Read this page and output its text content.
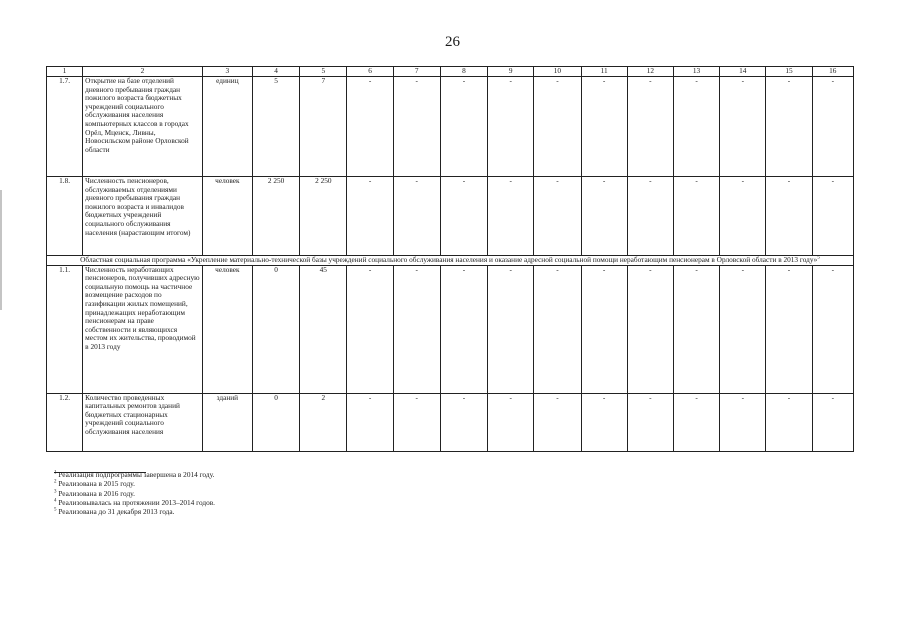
26
1	2	3	4	5	6	7	8	9	10	11	12	13	14	15	16
1.7.	Открытие на базе отделений дневного пребывания граждан пожилого возраста бюджетных учреждений социального обслуживания населения компьютерных классов в городах Орёл, Мценск, Ливны, Новосильском районе Орловской области	единиц	5	7	-	-	-	-	-	-	-	-	-	-	-
1.8.	Численность пенсионеров, обслуживаемых отделениями дневного пребывания граждан пожилого возраста и инвалидов бюджетных учреждений социального обслуживания населения (нарастающим итогом)	человек	2 250	2 250	-	-	-	-	-	-	-	-	-	-	-
Областная социальная программа «Укрепление материально-технической базы учреждений социального обслуживания населения и оказание адресной социальной помощи неработающим пенсионерам в Орловской области в 2013 году»$^5$
1.1.	Численность неработающих пенсионеров, получивших адресную социальную помощь на частичное возмещение расходов по газификации жилых помещений, принадлежащих неработающим пенсионерам на праве собственности и являющихся местом их жительства, проводимой в 2013 году	человек	0	45	-	-	-	-	-	-	-	-	-	-	-
1.2.	Количество проведенных капитальных ремонтов зданий бюджетных стационарных учреждений социального обслуживания населения	зданий	0	2	-	-	-	-	-	-	-	-	-	-	-
$^1$ Реализация подпрограммы завершена в 2014 году.
$^2$ Реализована в 2015 году.
$^3$ Реализована в 2016 году.
$^4$ Реализовывалась на протяжении 2013–2014 годов.
$^5$ Реализована до 31 декабря 2013 года.
